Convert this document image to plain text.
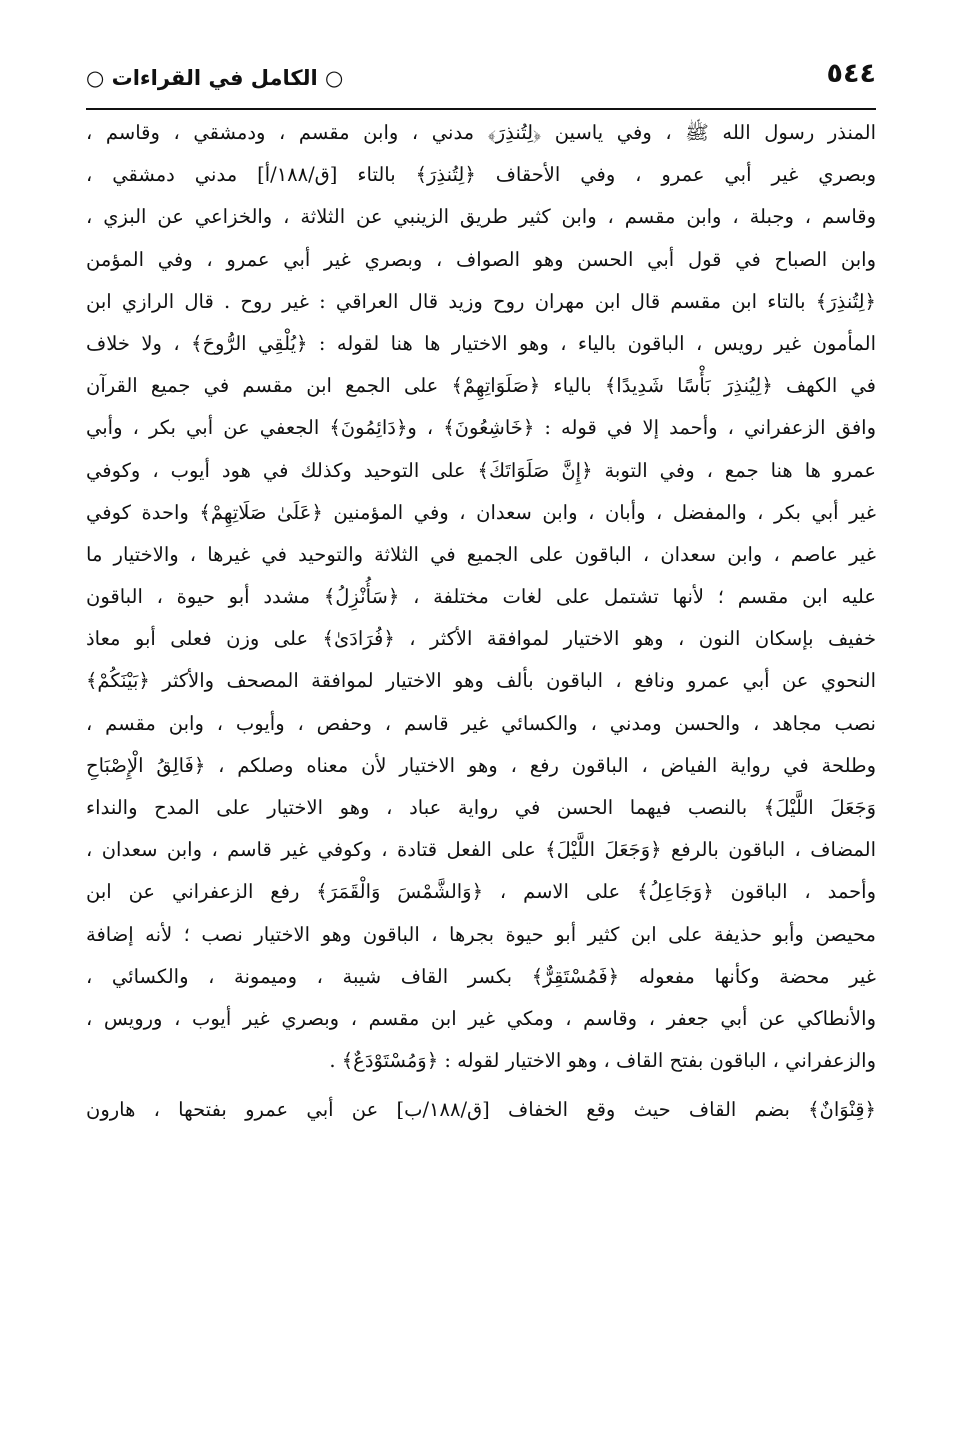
٥٤٤
○ الكامل في القراءات ○
المنذر رسول الله ﷺ ، وفي ياسين ﴿لِتُنذِرَ﴾ مدني ، وابن مقسم ، ودمشقي ، وقاسم ،
وبصري غير أبي عمرو ، وفي الأحقاف ﴿لِتُنذِرَ﴾ بالتاء [ق/١٨٨/أ] مدني دمشقي ،
وقاسم ، وجبلة ، وابن مقسم ، وابن كثير طريق الزينبي عن الثلاثة ، والخزاعي عن البزي ،
وابن الصباح في قول أبي الحسن وهو الصواف ، وبصري غير أبي عمرو ، وفي المؤمن
﴿لِتُنذِرَ﴾ بالتاء ابن مقسم قال ابن مهران روح وزيد قال العراقي : غير روح . قال الرازي ابن
المأمون غير رويس ، الباقون بالياء ، وهو الاختيار ها هنا لقوله : ﴿يُلْقِي الرُّوحَ﴾ ، ولا خلاف
في الكهف ﴿لِيُنذِرَ بَأْسًا شَدِيدًا﴾ بالياء ﴿صَلَوَاتِهِمْ﴾ على الجمع ابن مقسم في جميع القرآن
وافق الزعفراني ، وأحمد إلا في قوله : ﴿خَاشِعُونَ﴾ ، و﴿دَائِمُونَ﴾ الجعفي عن أبي بكر ، وأبي
عمرو ها هنا جمع ، وفي التوبة ﴿إِنَّ صَلَوَاتَكَ﴾ على التوحيد وكذلك في هود أيوب ، وكوفي
غير أبي بكر ، والمفضل ، وأبان ، وابن سعدان ، وفي المؤمنين ﴿عَلَىٰ صَلَاتِهِمْ﴾ واحدة كوفي
غير عاصم ، وابن سعدان ، الباقون على الجميع في الثلاثة والتوحيد في غيرها ، والاختيار ما
عليه ابن مقسم ؛ لأنها تشتمل على لغات مختلفة ، ﴿سَأُنْزِلُ﴾ مشدد أبو حيوة ، الباقون
خفيف بإسكان النون ، وهو الاختيار لموافقة الأكثر ، ﴿فُرَادَىٰ﴾ على وزن فعلى أبو معاذ
النحوي عن أبي عمرو ونافع ، الباقون بألف وهو الاختيار لموافقة المصحف والأكثر ﴿بَيْنَكُمْ﴾
نصب مجاهد ، والحسن ومدني ، والكسائي غير قاسم ، وحفص ، وأيوب ، وابن مقسم ،
وطلحة في رواية الفياض ، الباقون رفع ، وهو الاختيار لأن معناه وصلكم ، ﴿فَالِقُ الْإِصْبَاحِ
وَجَعَلَ اللَّيْلَ﴾ بالنصب فيهما الحسن في رواية عباد ، وهو الاختيار على المدح والنداء
المضاف ، الباقون بالرفع ﴿وَجَعَلَ اللَّيْلَ﴾ على الفعل قتادة ، وكوفي غير قاسم ، وابن سعدان ،
وأحمد ، الباقون ﴿وَجَاعِلُ﴾ على الاسم ، ﴿وَالشَّمْسَ وَالْقَمَرَ﴾ رفع الزعفراني عن ابن
محيصن وأبو حذيفة على ابن كثير أبو حيوة بجرها ، الباقون وهو الاختيار نصب ؛ لأنه إضافة
غير محضة وكأنها مفعوله ﴿فَمُسْتَقِرٌّ﴾ بكسر القاف شيبة ، وميمونة ، والكسائي ،
والأنطاكي عن أبي جعفر ، وقاسم ، ومكي غير ابن مقسم ، وبصري غير أيوب ، ورويس ،
والزعفراني ، الباقون بفتح القاف ، وهو الاختيار لقوله : ﴿وَمُسْتَوْدَعٌ﴾ .
﴿قِنْوَانٌ﴾ بضم القاف حيث وقع الخفاف [ق/١٨٨/ب] عن أبي عمرو بفتحها ، هارون
